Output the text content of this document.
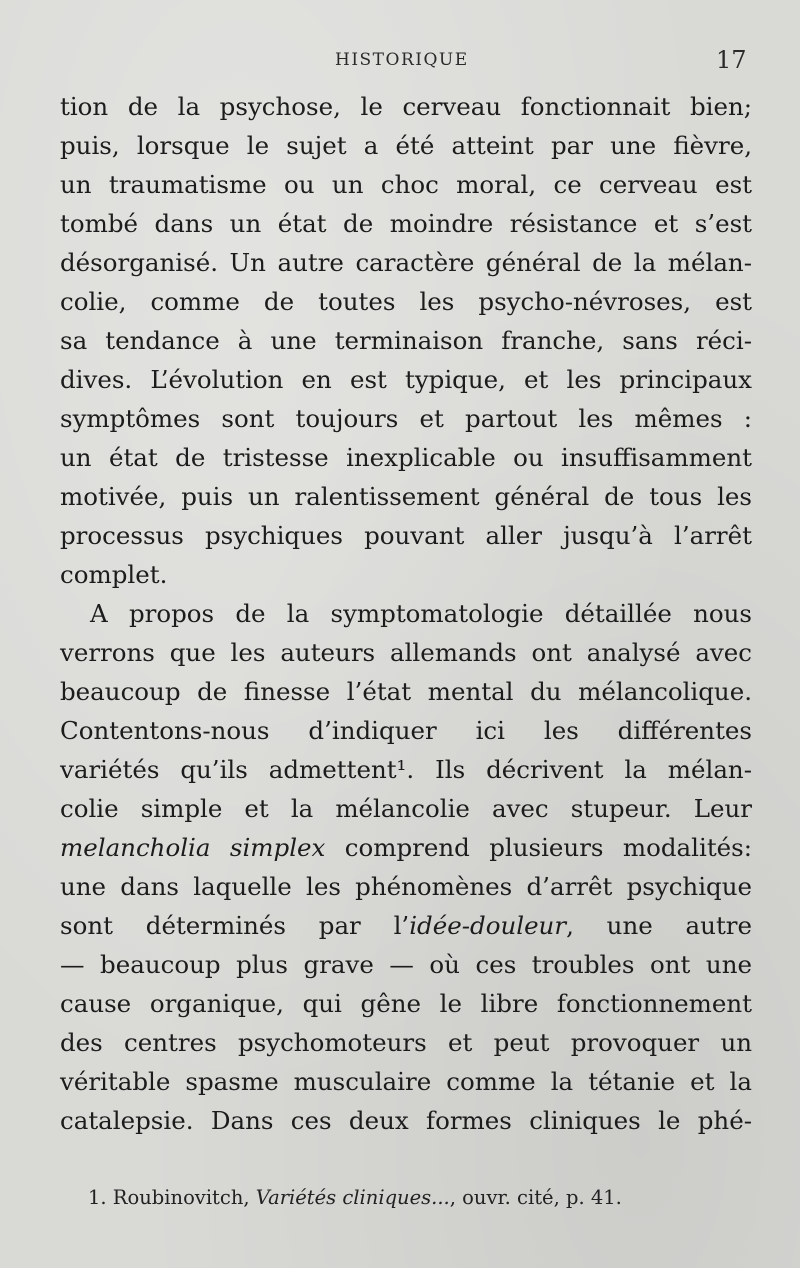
HISTORIQUE	17
tion de la psychose, le cerveau fonctionnait bien;
puis, lorsque le sujet a été atteint par une fièvre,
un traumatisme ou un choc moral, ce cerveau est
tombé dans un état de moindre résistance et s’est
désorganisé. Un autre caractère général de la mélan-
colie, comme de toutes les psycho-névroses, est
sa tendance à une terminaison franche, sans réci-
dives. L’évolution en est typique, et les principaux
symptômes sont toujours et partout les mêmes :
un état de tristesse inexplicable ou insuffisamment
motivée, puis un ralentissement général de tous les
processus psychiques pouvant aller jusqu’à l’arrêt
complet.
A propos de la symptomatologie détaillée nous
verrons que les auteurs allemands ont analysé avec
beaucoup de finesse l’état mental du mélancolique.
Contentons-nous d’indiquer ici les différentes
variétés qu’ils admettent¹. Ils décrivent la mélan-
colie simple et la mélancolie avec stupeur. Leur
melancholia simplex comprend plusieurs modalités:
une dans laquelle les phénomènes d’arrêt psychique
sont déterminés par l’idée-douleur, une autre
— beaucoup plus grave — où ces troubles ont une
cause organique, qui gêne le libre fonctionnement
des centres psychomoteurs et peut provoquer un
véritable spasme musculaire comme la tétanie et la
catalepsie. Dans ces deux formes cliniques le phé-
1. Roubinovitch, Variétés cliniques..., ouvr. cité, p. 41.
